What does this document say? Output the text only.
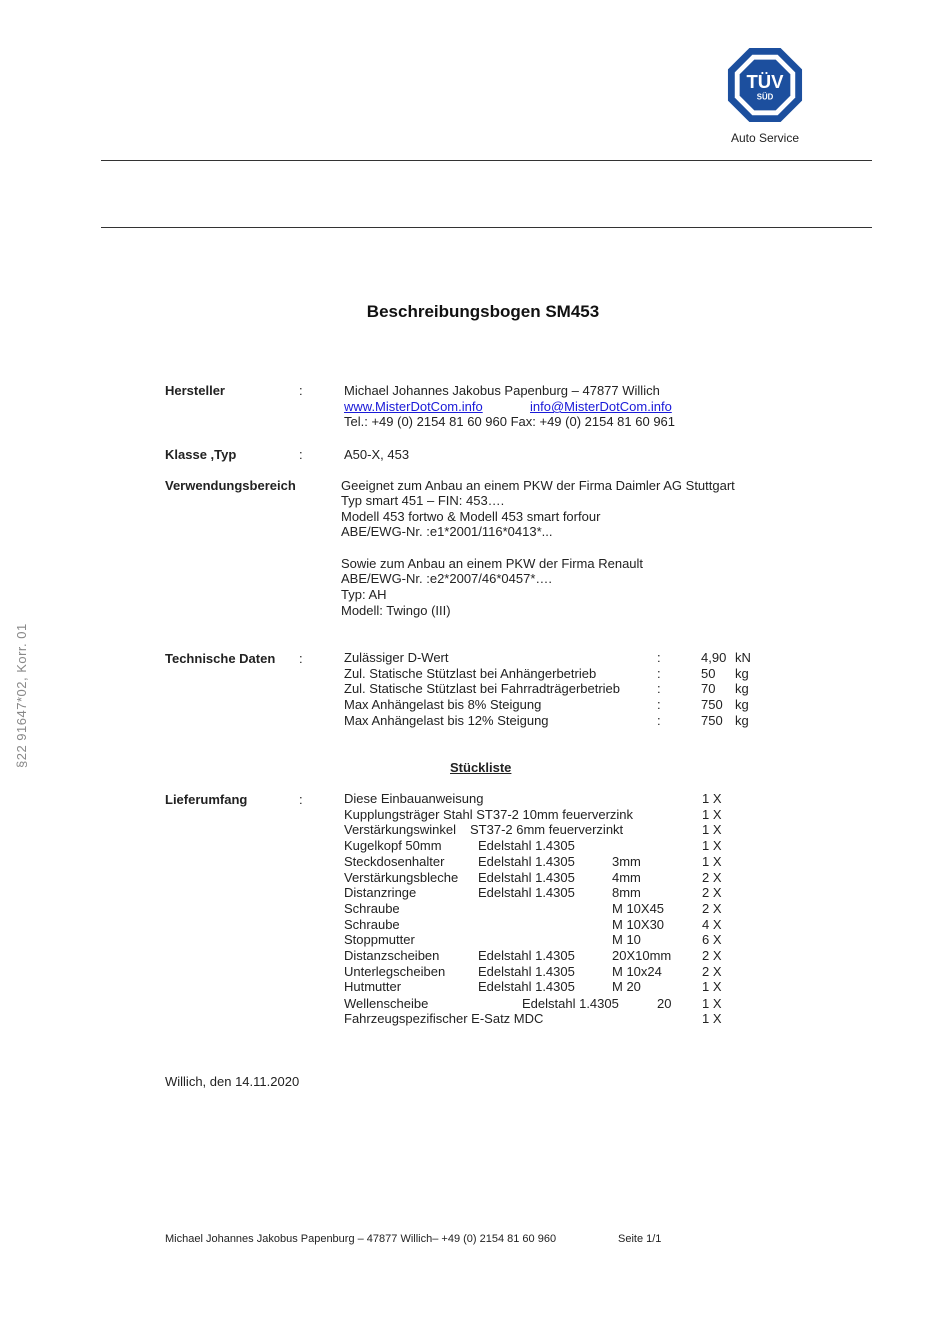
TÜV
SÜD
Auto Service
§22 91647*02, Korr. 01
Beschreibungsbogen SM453
Hersteller	:	Michael Johannes Jakobus Papenburg – 47877 Willich
www.MisterDotCom.info	info@MisterDotCom.info
Tel.: +49 (0) 2154 81 60 960 Fax: +49 (0) 2154 81 60 961
Klasse ,Typ	:	A50-X, 453
Verwendungsbereich	Geeignet zum Anbau an einem PKW der Firma Daimler AG Stuttgart
Typ smart 451 – FIN: 453….
Modell 453 fortwo & Modell 453 smart forfour
ABE/EWG-Nr. :e1*2001/116*0413*...
Sowie zum Anbau an einem PKW der Firma Renault
ABE/EWG-Nr. :e2*2007/46*0457*….
Typ: AH
Modell: Twingo (III)
Technische Daten :	Zulässiger D-Wert	:	4,90 kN
Zul. Statische Stützlast bei Anhängerbetrieb	:	50 kg
Zul. Statische Stützlast bei Fahrradträgerbetrieb	:	70 kg
Max Anhängelast bis 8% Steigung	:	750 kg
Max Anhängelast bis 12% Steigung	:	750 kg
Stückliste
Lieferumfang	:	Diese Einbauanweisung	1 X
Kupplungsträger Stahl ST37-2 10mm feuerverzink	1 X
Verstärkungswinkel ST37-2 6mm feuerverzinkt	1 X
Kugelkopf 50mm	Edelstahl 1.4305	1 X
Steckdosenhalter	Edelstahl 1.4305	3mm	1 X
Verstärkungsbleche Edelstahl 1.4305	4mm	2 X
Distanzringe	Edelstahl 1.4305	8mm	2 X
Schraube	M 10X45	2 X
Schraube	M 10X30	4 X
Stoppmutter	M 10	6 X
Distanzscheiben	Edelstahl 1.4305	20X10mm 2 X
Unterlegscheiben	Edelstahl 1.4305	M 10x24	2 X
Hutmutter	Edelstahl 1.4305	M 20	1 X
Wellenscheibe	Edelstahl 1.4305	20 1 X
Fahrzeugspezifischer E-Satz MDC	1 X
Willich, den 14.11.2020
Michael Johannes Jakobus Papenburg – 47877 Willich– +49 (0) 2154 81 60 960	Seite 1/1
